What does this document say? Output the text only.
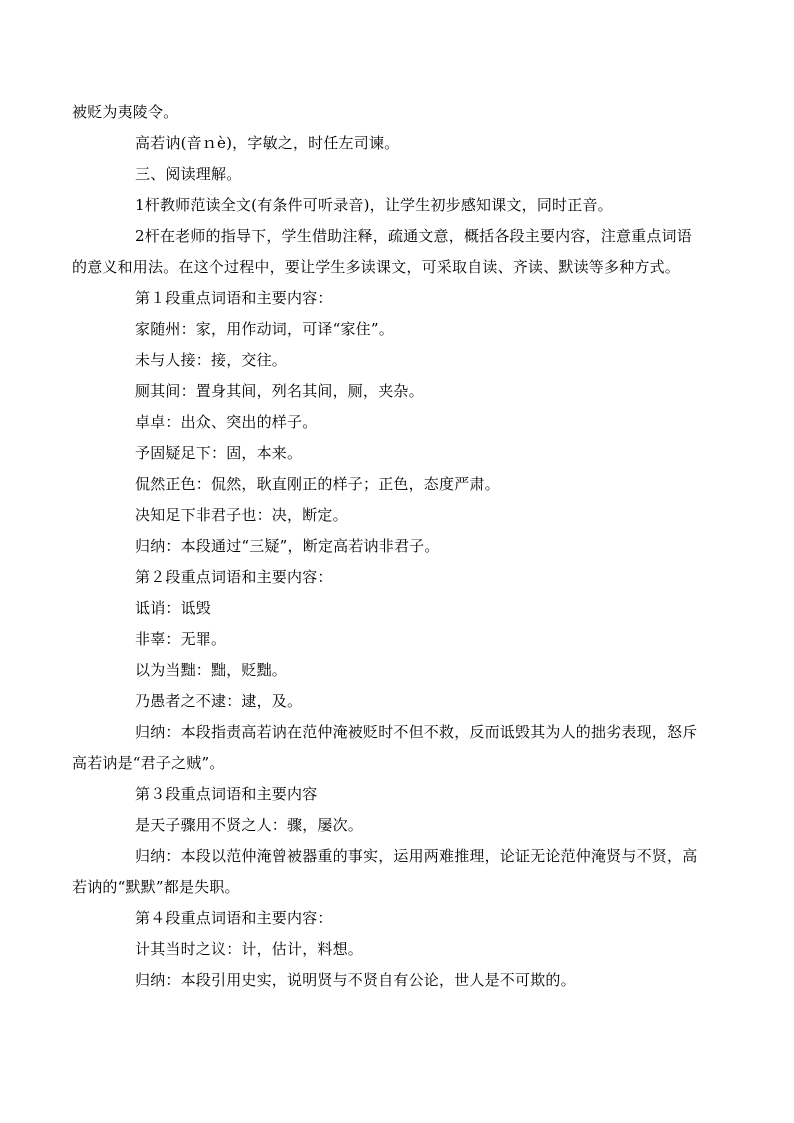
被贬为夷陵令。
高若讷(音ｎè)，字敏之，时任左司谏。
三、阅读理解。
1杆教师范读全文(有条件可听录音)，让学生初步感知课文，同时正音。
2杆在老师的指导下，学生借助注释，疏通文意，概括各段主要内容，注意重点词语
的意义和用法。在这个过程中，要让学生多读课文，可采取自读、齐读、默读等多种方式。
第１段重点词语和主要内容：
家随州：家，用作动词，可译“家住”。
未与人接：接，交往。
厕其间：置身其间，列名其间，厕，夹杂。
卓卓：出众、突出的样子。
予固疑足下：固，本来。
侃然正色：侃然，耿直刚正的样子；正色，态度严肃。
决知足下非君子也：决，断定。
归纳：本段通过“三疑”，断定高若讷非君子。
第２段重点词语和主要内容：
诋诮：诋毁
非辜：无罪。
以为当黜：黜，贬黜。
乃愚者之不逮：逮，及。
归纳：本段指责高若讷在范仲淹被贬时不但不救，反而诋毁其为人的拙劣表现，怒斥
高若讷是“君子之贼”。
第３段重点词语和主要内容
是天子骤用不贤之人：骤，屡次。
归纳：本段以范仲淹曾被器重的事实，运用两难推理，论证无论范仲淹贤与不贤，高
若讷的“默默”都是失职。
第４段重点词语和主要内容：
计其当时之议：计，估计，料想。
归纳：本段引用史实，说明贤与不贤自有公论，世人是不可欺的。
